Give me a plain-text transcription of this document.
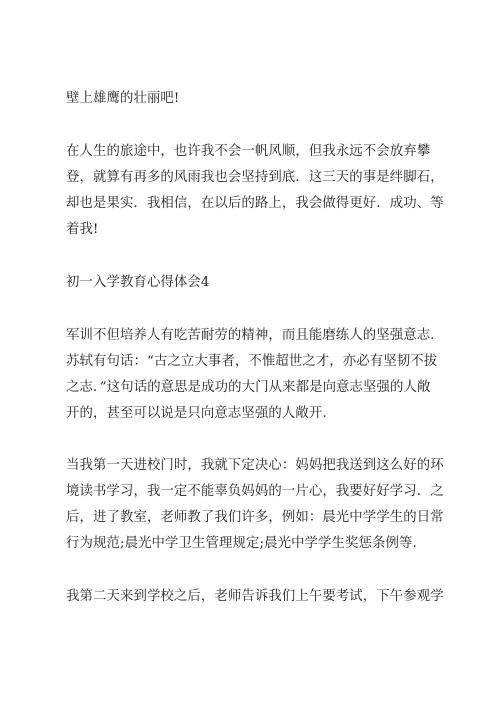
壁上雄鹰的壮丽吧!

在人生的旅途中，也许我不会一帆风顺，但我永远不会放弃攀
登，就算有再多的风雨我也会坚持到底．这三天的事是绊脚石，
却也是果实．我相信，在以后的路上，我会做得更好．成功、等
着我!

初一入学教育心得体会4

军训不但培养人有吃苦耐劳的精神，而且能磨练人的坚强意志．
苏轼有句话：“古之立大事者，不惟超世之才，亦必有坚韧不拔
之志．”这句话的意思是成功的大门从来都是向意志坚强的人敞
开的，甚至可以说是只向意志坚强的人敞开.

当我第一天进校门时，我就下定决心：妈妈把我送到这么好的环
境读书学习，我一定不能辜负妈妈的一片心，我要好好学习．之
后，进了教室，老师教了我们许多，例如：晨光中学学生的日常
行为规范;晨光中学卫生管理规定;晨光中学学生奖惩条例等.

我第二天来到学校之后，老师告诉我们上午要考试，下午参观学
